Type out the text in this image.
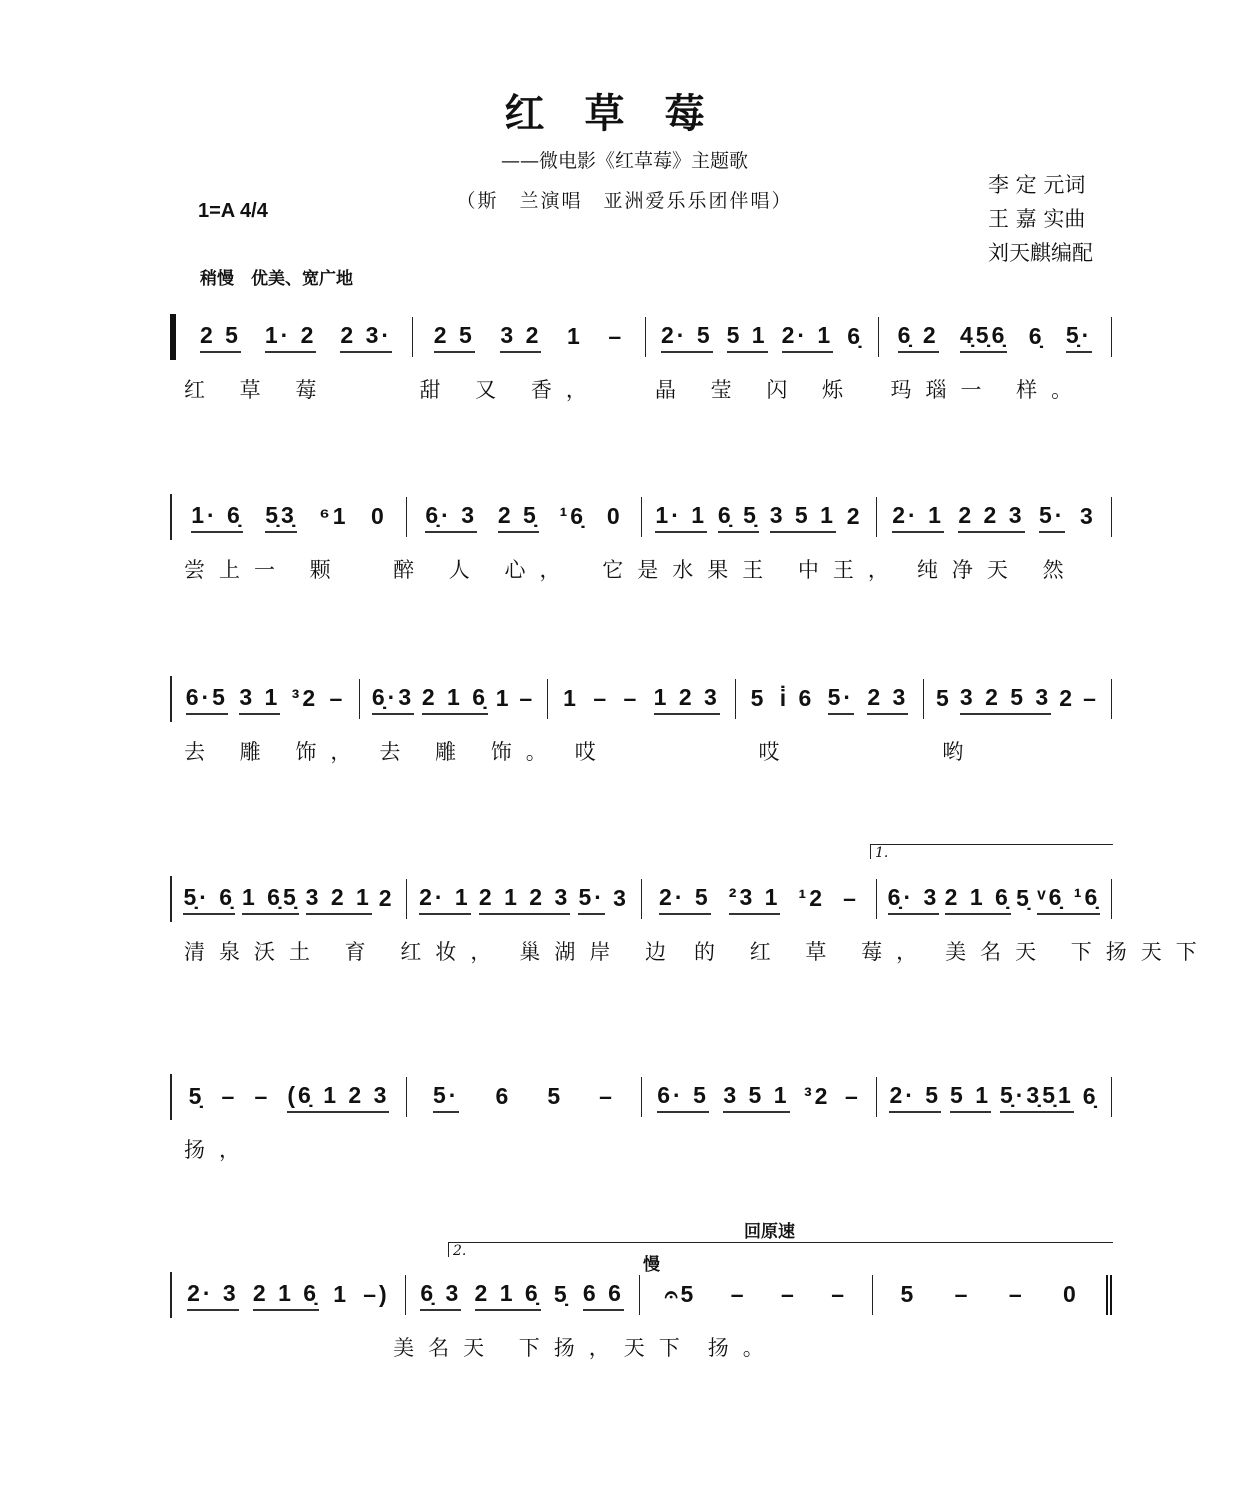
红草莓
——微电影《红草莓》主题歌
（斯　兰演唱　亚洲爱乐乐团伴唱）
李 定 元词
王 嘉 实曲
刘天麒编配
1=A 4/4
稍慢　优美、宽广地
1.
2.
慢
回原速
2 5 1· 2 2 3· 2 5 3 2 1 – 2· 5 5 1 2· 1 6̣ 6̣ 2 4̣5̣6̣ 6̣ 5̣·
红 草 莓	甜 又 香，	晶 莹 闪 烁	玛瑙一 样。
1· 6̣ 5̣3̣ ⁶1 0 6̣· 3 2 5̣ ¹6̣ 0 1· 1 6̣ 5̣ 3 5 1 2 2· 1 2 2 3 5· 3
尝上一 颗	醉 人 心，	它是水果王 中王， 纯净天 然
6·5 3 1 ³2 – 6̣·3 2 1 6̣ 1 – 1 – – 1 2 3 5 i̇ 6 5· 2 3 5 3 2 5 3 2 –
去 雕 饰， 去 雕 饰。 哎	哎	哟
5̣· 6̣ 1 6̣5̣ 3 2 1 2 2· 1 2 1 2 3 5· 3 2· 5 ²3 1 ¹2 – 6̣· 3 2 1 6̣ 5̣ ᵛ6̣ ¹6̣
清泉沃土 育 红妆， 巢湖岸 边 的 红 草 莓， 美名天 下扬天下
5̣ – – (6̣ 1 2 3 5· 6 5 – 6· 5 3 5 1 ³2 – 2· 5 5 1 5̣·3̣5̣1 6̣
扬，
2· 3 2 1 6̣ 1 –) 6̣ 3 2 1 6̣ 5̣ 6 6 𝄐5 – – – 5 – – 0
美名天 下扬，天下 扬。
